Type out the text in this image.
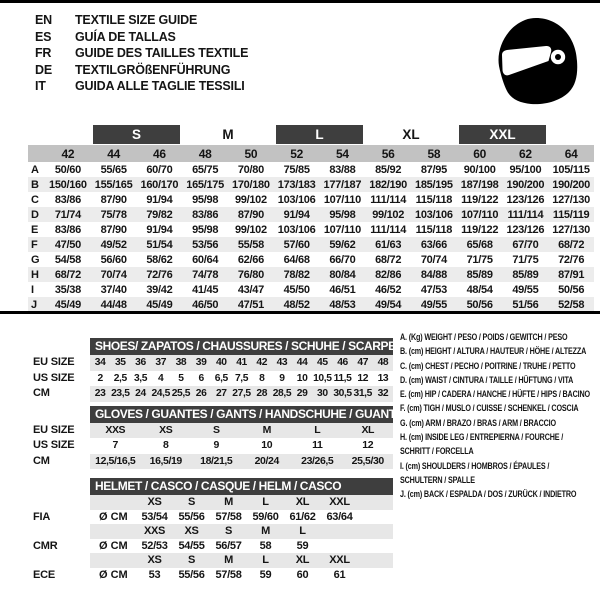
EN	TEXTILE SIZE GUIDE
ES	GUÍA DE TALLAS
FR	GUIDE DES TAILLES TEXTILE
DE	TEXTILGRÖßENFÜHRUNG
IT	GUIDA ALLE TAGLIE TESSILI

		S		M		L		XL		XXL		

	42	44	46	48	50	52	54	56	58	60	62	64
A	50/60	55/65	60/70	65/75	70/80	75/85	83/88	85/92	87/95	90/100	95/100	105/115
B	150/160	155/165	160/170	165/175	170/180	173/183	177/187	182/190	185/195	187/198	190/200	190/200
C	83/86	87/90	91/94	95/98	99/102	103/106	107/110	111/114	115/118	119/122	123/126	127/130
D	71/74	75/78	79/82	83/86	87/90	91/94	95/98	99/102	103/106	107/110	111/114	115/119
E	83/86	87/90	91/94	95/98	99/102	103/106	107/110	111/114	115/118	119/122	123/126	127/130
F	47/50	49/52	51/54	53/56	55/58	57/60	59/62	61/63	63/66	65/68	67/70	68/72
G	54/58	56/60	58/62	60/64	62/66	64/68	66/70	68/72	70/74	71/75	71/75	72/76
H	68/72	70/74	72/76	74/78	76/80	78/82	80/84	82/86	84/88	85/89	85/89	87/91
I	35/38	37/40	39/42	41/45	43/47	45/50	46/51	46/52	47/53	48/54	49/55	50/56
J	45/49	44/48	45/49	46/50	47/51	48/52	48/53	49/54	49/55	50/56	51/56	52/58
SHOES/ ZAPATOS / CHAUSSURES / SCHUHE / SCARPE
EU SIZE	34 35 36 37 38 39 40 41 42 43 44 45 46 47 48
US SIZE	2	2,5 3,5	4	5	6	6,5 7,5	8	9	10 10,5 11,5 12 13
CM	23 23,5 24 24,5 25,5 26 27 27,5 28 28,5 29 30 30,5 31,5 32
GLOVES / GUANTES / GANTS / HANDSCHUHE / GUANTI
EU SIZE	XXS	XS	S	M	L	XL
US SIZE	7	8	9	10	11	12
CM	12,5/16,5	16,5/19	18/21,5	20/24	23/26,5	25,5/30
HELMET / CASCO / CASQUE / HELM / CASCO
XS	S	M	L	XL	XXL
FIA	Ø CM	53/54 55/56 57/58 59/60 61/62 63/64
XXS	XS	S	M	L
CMR	Ø CM	52/53 54/55 56/57	58	59
XS	S	M	L	XL	XXL
ECE	Ø CM	53	55/56 57/58	59	60	61
A. (Kg) WEIGHT / PESO / POIDS / GEWITCH / PESO
B. (cm) HEIGHT / ALTURA / HAUTEUR / HÖHE / ALTEZZA
C. (cm) CHEST / PECHO / POITRINE / TRUHE / PETTO
D. (cm) WAIST / CINTURA / TAILLE / HÜFTUNG / VITA
E. (cm) HIP / CADERA / HANCHE / HÜFTE / HIPS / BACINO
F. (cm) TIGH / MUSLO / CUISSE / SCHENKEL / COSCIA
G. (cm) ARM / BRAZO / BRAS / ARM / BRACCIO
H. (cm) INSIDE LEG / ENTREPIERNA / FOURCHE /
SCHRITT / FORCELLA
I. (cm) SHOULDERS / HOMBROS / ÉPAULES /
SCHULTERN / SPALLE
J. (cm) BACK / ESPALDA / DOS / ZURÜCK / INDIETRO
